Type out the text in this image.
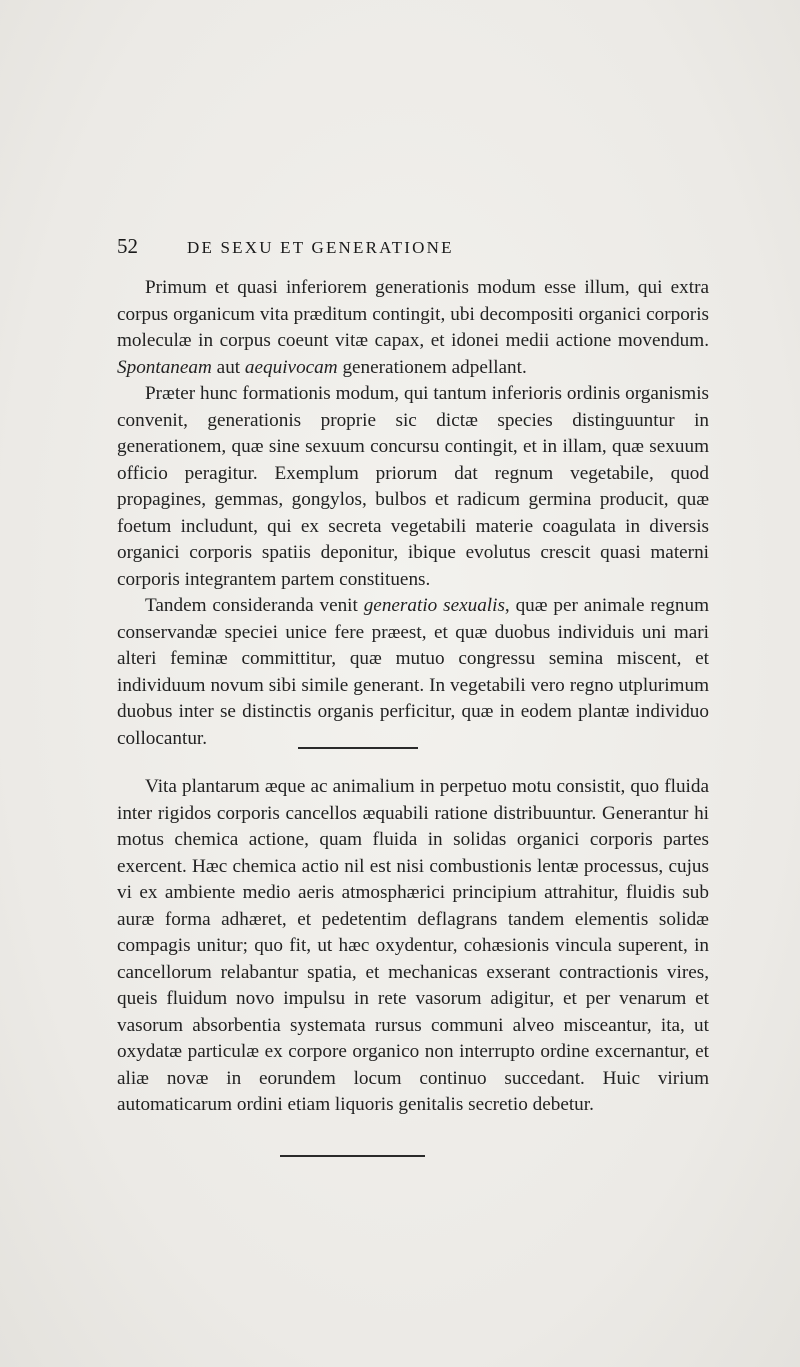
52	DE SEXU ET GENERATIONE

Primum et quasi inferiorem generationis modum esse illum, qui extra corpus organicum vita præditum contingit, ubi decompositi organici corporis moleculæ in corpus coeunt vitæ capax, et idonei medii actione movendum. Spontaneam aut aequivocam generationem adpellant.

Præter hunc formationis modum, qui tantum inferioris ordinis organismis convenit, generationis proprie sic dictæ species distinguuntur in generationem, quæ sine sexuum concursu contingit, et in illam, quæ sexuum officio peragitur. Exemplum priorum dat regnum vegetabile, quod propagines, gemmas, gongylos, bulbos et radicum germina producit, quæ foetum includunt, qui ex secreta vegetabili materie coagulata in diversis organici corporis spatiis deponitur, ibique evolutus crescit quasi materni corporis integrantem partem constituens.

Tandem consideranda venit generatio sexualis, quæ per animale regnum conservandæ speciei unice fere præest, et quæ duobus individuis uni mari alteri feminæ committitur, quæ mutuo congressu semina miscent, et individuum novum sibi simile generant. In vegetabili vero regno utplurimum duobus inter se distinctis organis perficitur, quæ in eodem plantæ individuo collocantur.

Vita plantarum æque ac animalium in perpetuo motu consistit, quo fluida inter rigidos corporis cancellos æquabili ratione distribuuntur. Generantur hi motus chemica actione, quam fluida in solidas organici corporis partes exercent. Hæc chemica actio nil est nisi combustionis lentæ processus, cujus vi ex ambiente medio aeris atmosphærici principium attrahitur, fluidis sub auræ forma adhæret, et pedetentim deflagrans tandem elementis solidæ compagis unitur; quo fit, ut hæc oxydentur, cohæsionis vincula superent, in cancellorum relabantur spatia, et mechanicas exserant contractionis vires, queis fluidum novo impulsu in rete vasorum adigitur, et per venarum et vasorum absorbentia systemata rursus communi alveo misceantur, ita, ut oxydatæ particulæ ex corpore organico non interrupto ordine excernantur, et aliæ novæ in eorundem locum continuo succedant. Huic virium automaticarum ordini etiam liquoris genitalis secretio debetur.
